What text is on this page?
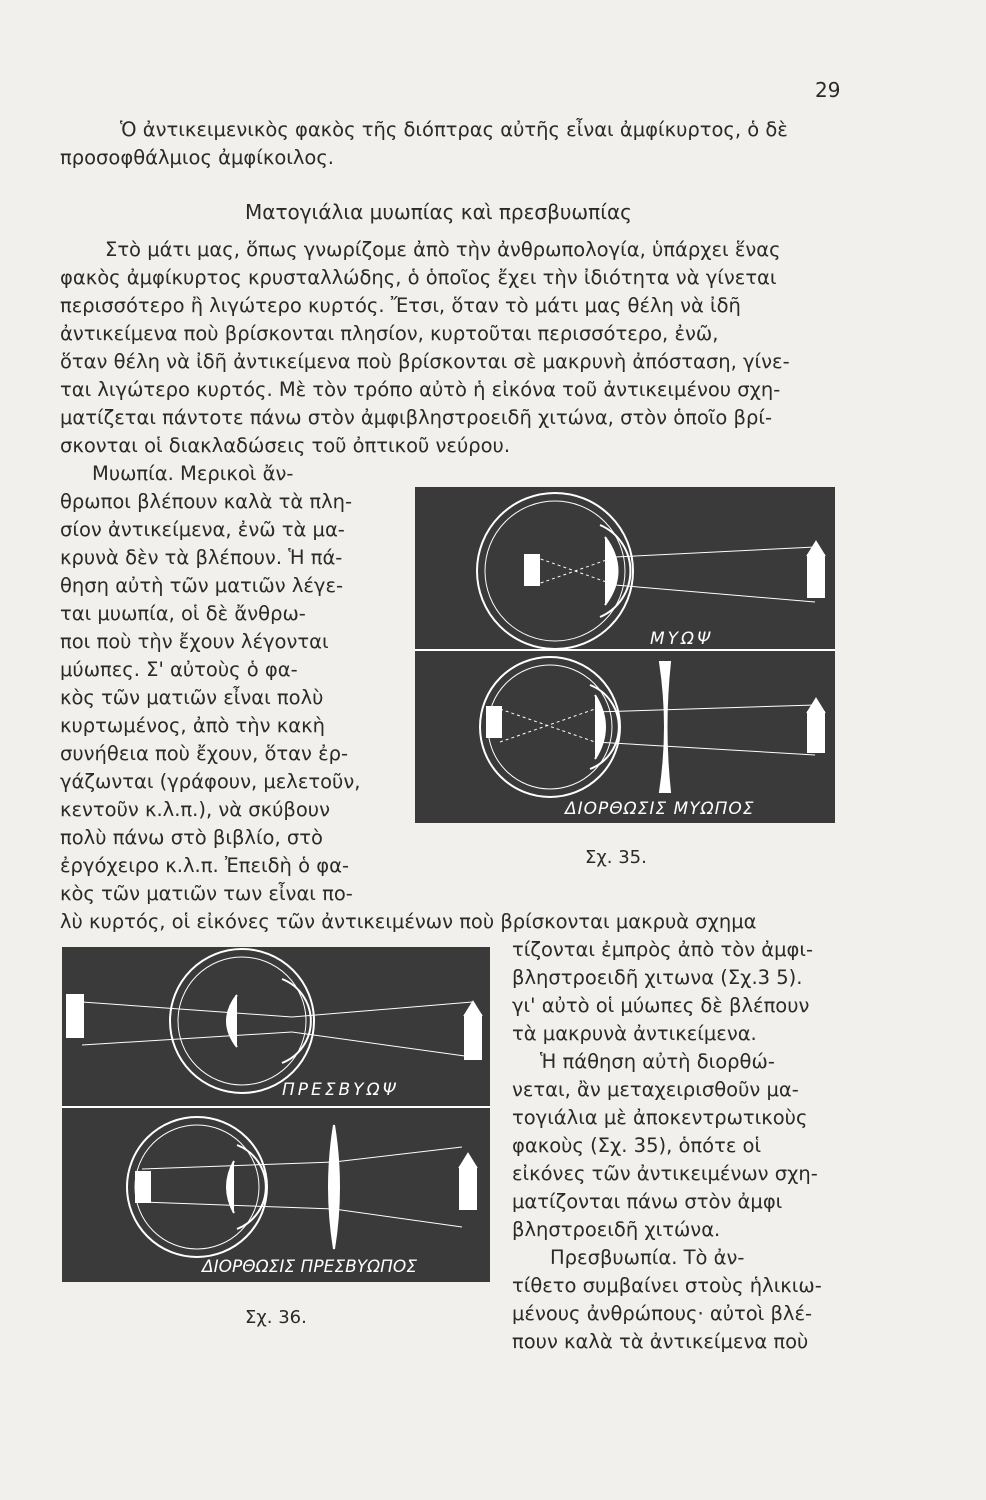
29
Ὁ ἀντικειμενικὸς φακὸς τῆς διόπτρας αὐτῆς εἶναι ἀμφίκυρτος, ὁ δὲ
προσοφθάλμιος ἀμφίκοιλος.
Ματογιάλια μυωπίας καὶ πρεσβυωπίας
Στὸ μάτι μας, ὅπως γνωρίζομε ἀπὸ τὴν ἀνθρωπολογία, ὑπάρχει ἕνας
φακὸς ἀμφίκυρτος κρυσταλλώδης, ὁ ὁποῖος ἔχει τὴν ἰδιότητα νὰ γίνεται
περισσότερο ἢ λιγώτερο κυρτός. Ἔτσι, ὅταν τὸ μάτι μας θέλη νὰ ἰδῆ
ἀντικείμενα ποὺ βρίσκονται πλησίον, κυρτοῦται περισσότερο, ἐνῶ,
ὅταν θέλη νὰ ἰδῆ ἀντικείμενα ποὺ βρίσκονται σὲ μακρυνὴ ἀπόσταση, γίνε-
ται λιγώτερο κυρτός. Μὲ τὸν τρόπο αὐτὸ ἡ εἰκόνα τοῦ ἀντικειμένου σχη-
ματίζεται πάντοτε πάνω στὸν ἀμφιβληστροειδῆ χιτώνα, στὸν ὁποῖο βρί-
σκονται οἱ διακλαδώσεις τοῦ ὀπτικοῦ νεύρου.
Μυωπία. Μερικοὶ ἄν-
θρωποι βλέπουν καλὰ τὰ πλη-
σίον ἀντικείμενα, ἐνῶ τὰ μα-
κρυνὰ δὲν τὰ βλέπουν. Ἡ πά-
θηση αὐτὴ τῶν ματιῶν λέγε-
ται μυωπία, οἱ δὲ ἄνθρω-
ποι ποὺ τὴν ἔχουν λέγονται
μύωπες. Σ' αὐτοὺς ὁ φα-
κὸς τῶν ματιῶν εἶναι πολὺ
κυρτωμένος, ἀπὸ τὴν κακὴ
συνήθεια ποὺ ἔχουν, ὅταν ἐρ-
γάζωνται (γράφουν, μελετοῦν,
κεντοῦν κ.λ.π.), νὰ σκύβουν
πολὺ πάνω στὸ βιβλίο, στὸ
ἐργόχειρο κ.λ.π. Ἐπειδὴ ὁ φα-
κὸς τῶν ματιῶν των εἶναι πο-
λὺ κυρτός, οἱ εἰκόνες τῶν ἀντικειμένων ποὺ βρίσκονται μακρυὰ σχημα
τίζονται ἐμπρὸς ἀπὸ τὸν ἀμφι-
βληστροειδῆ χιτωνα (Σχ.3 5).
γι' αὐτὸ οἱ μύωπες δὲ βλέπουν
τὰ μακρυνὰ ἀντικείμενα.
Ἡ πάθηση αὐτὴ διορθώ-
νεται, ἂν μεταχειρισθοῦν μα-
τογιάλια μὲ ἀποκεντρωτικοὺς
φακοὺς (Σχ. 35), ὁπότε οἱ
εἰκόνες τῶν ἀντικειμένων σχη-
ματίζονται πάνω στὸν ἀμφι
βληστροειδῆ χιτώνα.
Πρεσβυωπία. Τὸ ἀν-
τίθετο συμβαίνει στοὺς ἡλικιω-
μένους ἀνθρώπους· αὐτοὶ βλέ-
πουν καλὰ τὰ ἀντικείμενα ποὺ
ΜΥΩΨ
ΔΙΟΡΘΩΣΙΣ ΜΥΩΠΟΣ
Σχ. 35.
ΠΡΕΣΒΥΩΨ
ΔΙΟΡΘΩΣΙΣ ΠΡΕΣΒΥΩΠΟΣ
Σχ. 36.
